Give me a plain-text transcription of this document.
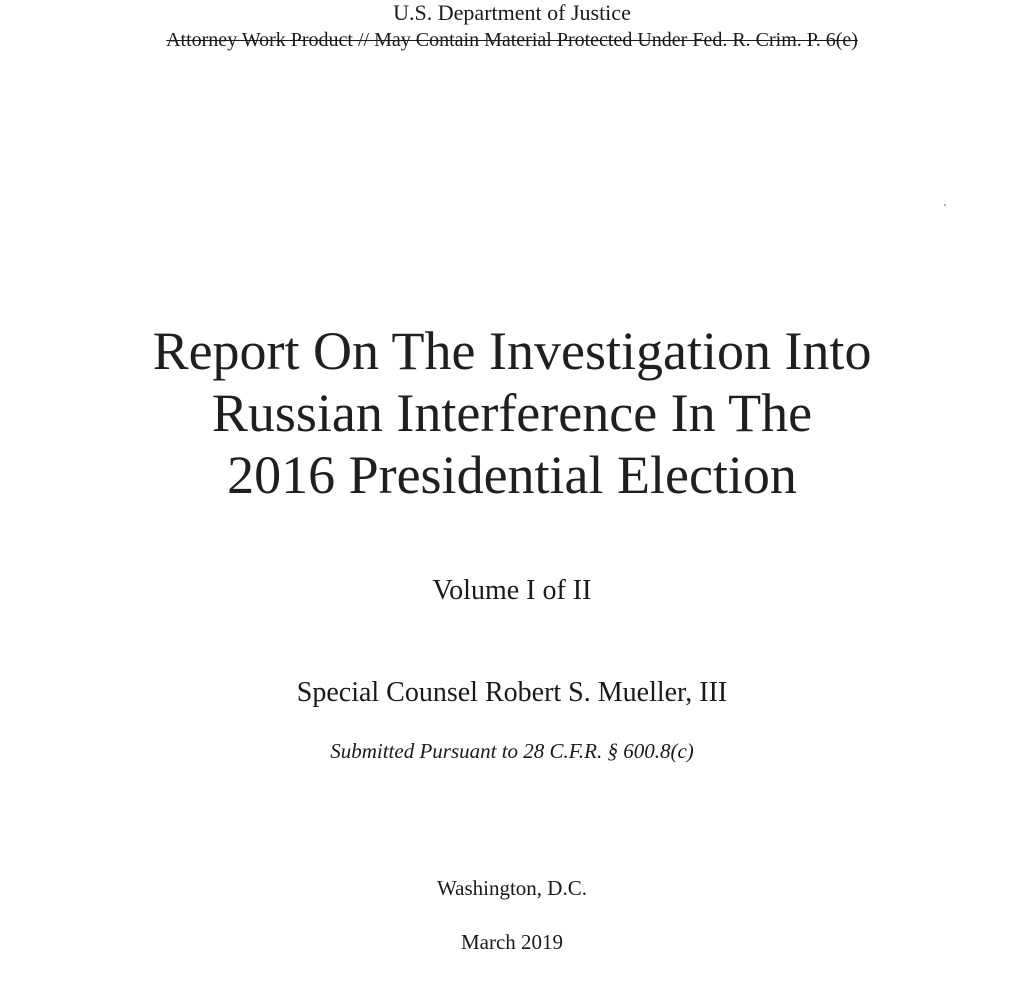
U.S. Department of Justice
Attorney Work Product // May Contain Material Protected Under Fed. R. Crim. P. 6(e)
Report On The Investigation Into
Russian Interference In The
2016 Presidential Election
Volume I of II
Special Counsel Robert S. Mueller, III
Submitted Pursuant to 28 C.F.R. § 600.8(c)
Washington, D.C.
March 2019
